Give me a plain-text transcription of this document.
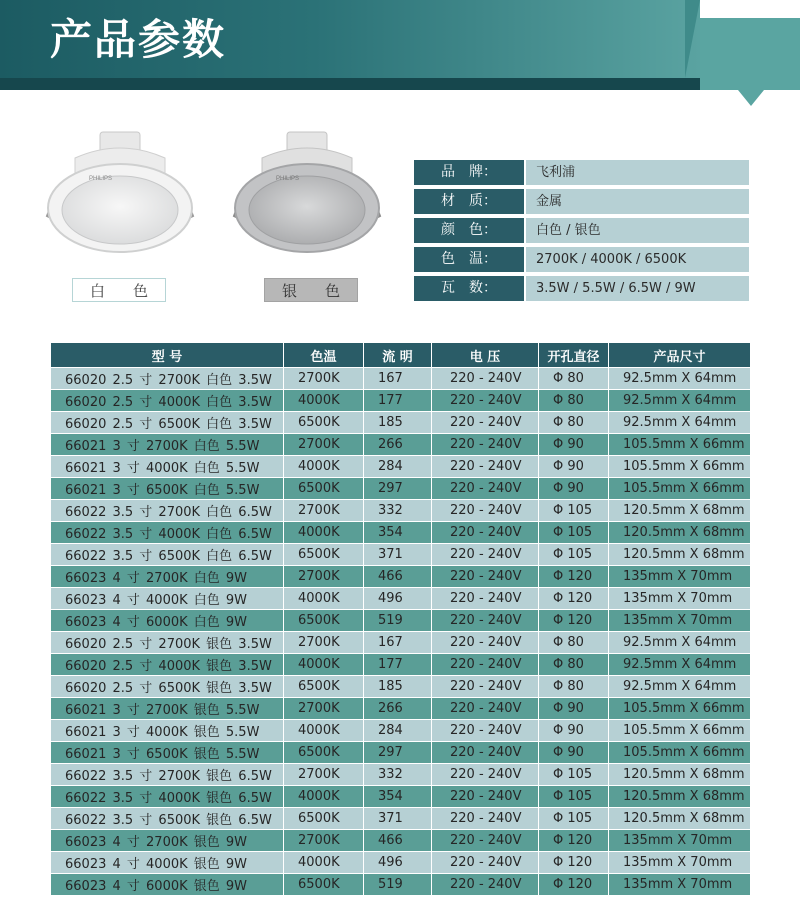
产品参数
PHILIPS	PHILIPS
白色	银色
品　牌：	飞利浦
材　质：	金属
颜　色：	白色 / 银色
色　温：	2700K / 4000K / 6500K
瓦　数：	3.5W / 5.5W / 6.5W / 9W
型 号	色温	流 明	电 压	开孔直径	产品尺寸
66020 2.5 寸 2700K 白色 3.5W	2700K	167	220 - 240V	Φ 80	92.5mm X 64mm
66020 2.5 寸 4000K 白色 3.5W	4000K	177	220 - 240V	Φ 80	92.5mm X 64mm
66020 2.5 寸 6500K 白色 3.5W	6500K	185	220 - 240V	Φ 80	92.5mm X 64mm
66021 3 寸 2700K 白色 5.5W	2700K	266	220 - 240V	Φ 90	105.5mm X 66mm
66021 3 寸 4000K 白色 5.5W	4000K	284	220 - 240V	Φ 90	105.5mm X 66mm
66021 3 寸 6500K 白色 5.5W	6500K	297	220 - 240V	Φ 90	105.5mm X 66mm
66022 3.5 寸 2700K 白色 6.5W	2700K	332	220 - 240V	Φ 105	120.5mm X 68mm
66022 3.5 寸 4000K 白色 6.5W	4000K	354	220 - 240V	Φ 105	120.5mm X 68mm
66022 3.5 寸 6500K 白色 6.5W	6500K	371	220 - 240V	Φ 105	120.5mm X 68mm
66023 4 寸 2700K 白色 9W	2700K	466	220 - 240V	Φ 120	135mm X 70mm
66023 4 寸 4000K 白色 9W	4000K	496	220 - 240V	Φ 120	135mm X 70mm
66023 4 寸 6000K 白色 9W	6500K	519	220 - 240V	Φ 120	135mm X 70mm
66020 2.5 寸 2700K 银色 3.5W	2700K	167	220 - 240V	Φ 80	92.5mm X 64mm
66020 2.5 寸 4000K 银色 3.5W	4000K	177	220 - 240V	Φ 80	92.5mm X 64mm
66020 2.5 寸 6500K 银色 3.5W	6500K	185	220 - 240V	Φ 80	92.5mm X 64mm
66021 3 寸 2700K 银色 5.5W	2700K	266	220 - 240V	Φ 90	105.5mm X 66mm
66021 3 寸 4000K 银色 5.5W	4000K	284	220 - 240V	Φ 90	105.5mm X 66mm
66021 3 寸 6500K 银色 5.5W	6500K	297	220 - 240V	Φ 90	105.5mm X 66mm
66022 3.5 寸 2700K 银色 6.5W	2700K	332	220 - 240V	Φ 105	120.5mm X 68mm
66022 3.5 寸 4000K 银色 6.5W	4000K	354	220 - 240V	Φ 105	120.5mm X 68mm
66022 3.5 寸 6500K 银色 6.5W	6500K	371	220 - 240V	Φ 105	120.5mm X 68mm
66023 4 寸 2700K 银色 9W	2700K	466	220 - 240V	Φ 120	135mm X 70mm
66023 4 寸 4000K 银色 9W	4000K	496	220 - 240V	Φ 120	135mm X 70mm
66023 4 寸 6000K 银色 9W	6500K	519	220 - 240V	Φ 120	135mm X 70mm
